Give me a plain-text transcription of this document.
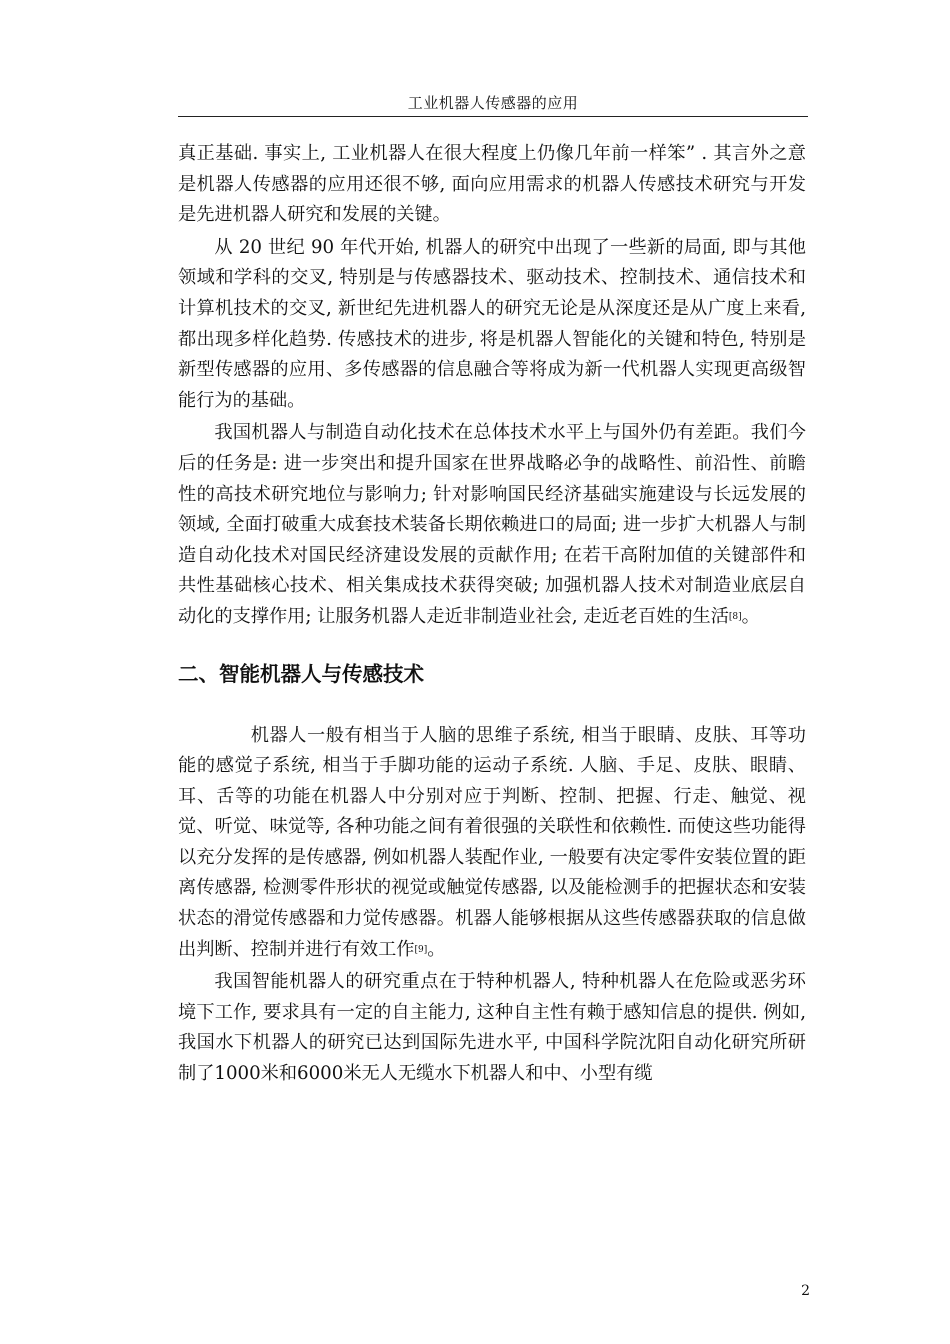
工业机器人传感器的应用

真正基础. 事实上, 工业机器人在很大程度上仍像几年前一样笨” . 其言外之意是机器人传感器的应用还很不够, 面向应用需求的机器人传感技术研究与开发是先进机器人研究和发展的关键。

从 20 世纪 90 年代开始, 机器人的研究中出现了一些新的局面, 即与其他领域和学科的交叉, 特别是与传感器技术、驱动技术、控制技术、通信技术和计算机技术的交叉, 新世纪先进机器人的研究无论是从深度还是从广度上来看, 都出现多样化趋势. 传感技术的进步, 将是机器人智能化的关键和特色, 特别是新型传感器的应用、多传感器的信息融合等将成为新一代机器人实现更高级智能行为的基础。

我国机器人与制造自动化技术在总体技术水平上与国外仍有差距。我们今后的任务是: 进一步突出和提升国家在世界战略必争的战略性、前沿性、前瞻性的高技术研究地位与影响力; 针对影响国民经济基础实施建设与长远发展的领域, 全面打破重大成套技术装备长期依赖进口的局面; 进一步扩大机器人与制造自动化技术对国民经济建设发展的贡献作用; 在若干高附加值的关键部件和共性基础核心技术、相关集成技术获得突破; 加强机器人技术对制造业底层自动化的支撑作用; 让服务机器人走近非制造业社会, 走近老百姓的生活[8]。

二、智能机器人与传感技术

机器人一般有相当于人脑的思维子系统, 相当于眼睛、皮肤、耳等功能的感觉子系统, 相当于手脚功能的运动子系统. 人脑、手足、皮肤、眼睛、耳、舌等的功能在机器人中分别对应于判断、控制、把握、行走、触觉、视觉、听觉、味觉等, 各种功能之间有着很强的关联性和依赖性. 而使这些功能得以充分发挥的是传感器, 例如机器人装配作业, 一般要有决定零件安装位置的距离传感器, 检测零件形状的视觉或触觉传感器, 以及能检测手的把握状态和安装状态的滑觉传感器和力觉传感器。机器人能够根据从这些传感器获取的信息做出判断、控制并进行有效工作[9]。

我国智能机器人的研究重点在于特种机器人, 特种机器人在危险或恶劣环境下工作, 要求具有一定的自主能力, 这种自主性有赖于感知信息的提供. 例如, 我国水下机器人的研究已达到国际先进水平, 中国科学院沈阳自动化研究所研制了1000米和6000米无人无缆水下机器人和中、小型有缆

2
